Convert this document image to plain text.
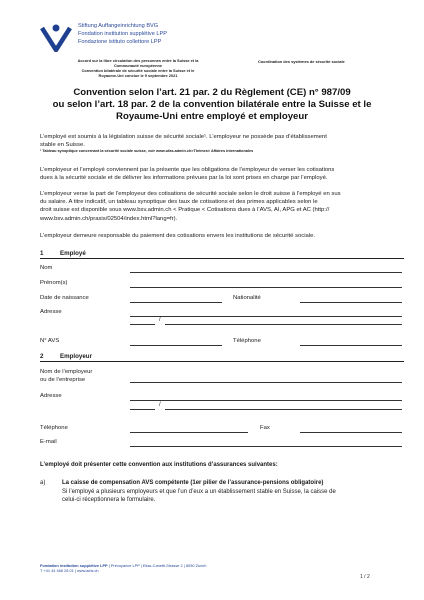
Stiftung Auffangeinrichtung BVG
Fondation institution supplétive LPP
Fondazione istituto collettore LPP
Accord sur la libre circulation des personnes entre la Suisse et la
Communauté européenne
Convention bilatérale de sécurité sociale entre la Suisse et le
Royaume-Uni conclue le 9 septembre 2021
Coordination des systèmes de sécurité sociale
Convention selon l’art. 21 par. 2 du Règlement (CE) n° 987/09
ou selon l’art. 18 par. 2 de la convention bilatérale entre la Suisse et le
Royaume-Uni entre employé et employeur
L’employé est soumis à la législation suisse de sécurité sociale¹. L’employeur ne possède pas d’établissement
stable en Suisse.
¹ Tableau synoptique concernant la sécurité sociale suisse, voir www.ofas.admin.ch>Thèmes> Affaires internationales
L’employeur et l’employé conviennent par la présente que les obligations de l’employeur de verser les cotisations
dues à la sécurité sociale et de délivrer les informations prévues par la loi sont prises en charge par l’employé.
L’employeur verse la part de l’employeur des cotisations de sécurité sociale selon le droit suisse à l’employé en sus
du salaire. A titre indicatif, un tableau synoptique des taux de cotisations et des primes applicables selon le
droit suisse est disponible sous www.bsv.admin.ch < Pratique < Cotisations dues à l’AVS, AI, APG et AC (http://
www.bsv.admin.ch/praxis/02504/index.html?lang=fr).
L’employeur demeure responsable du paiement des cotisations envers les institutions de sécurité sociale.
1	Employé
Nom
Prénom(s)
Date de naissance	Nationalité
Adresse
/
N° AVS	Téléphone
2	Employeur
Nom de l’employeur
ou de l’entreprise
Adresse
/
Téléphone	Fax
E-mail
L’employé doit présenter cette convention aux institutions d’assurances suivantes:
a)	La caisse de compensation AVS compétente (1er pilier de l’assurance-pensions obligatoire)
Si l’employé a plusieurs employeurs et que l’un d’eux a un établissement stable en Suisse, la caisse de
celui-ci réceptionnera le formulaire.
Fondation institution supplétive LPP | Prévoyance LPP | Elias-Canetti-Strasse 2 | 8050 Zurich
T +41 44 468 28 01 | www.aeis.ch
1 / 2
